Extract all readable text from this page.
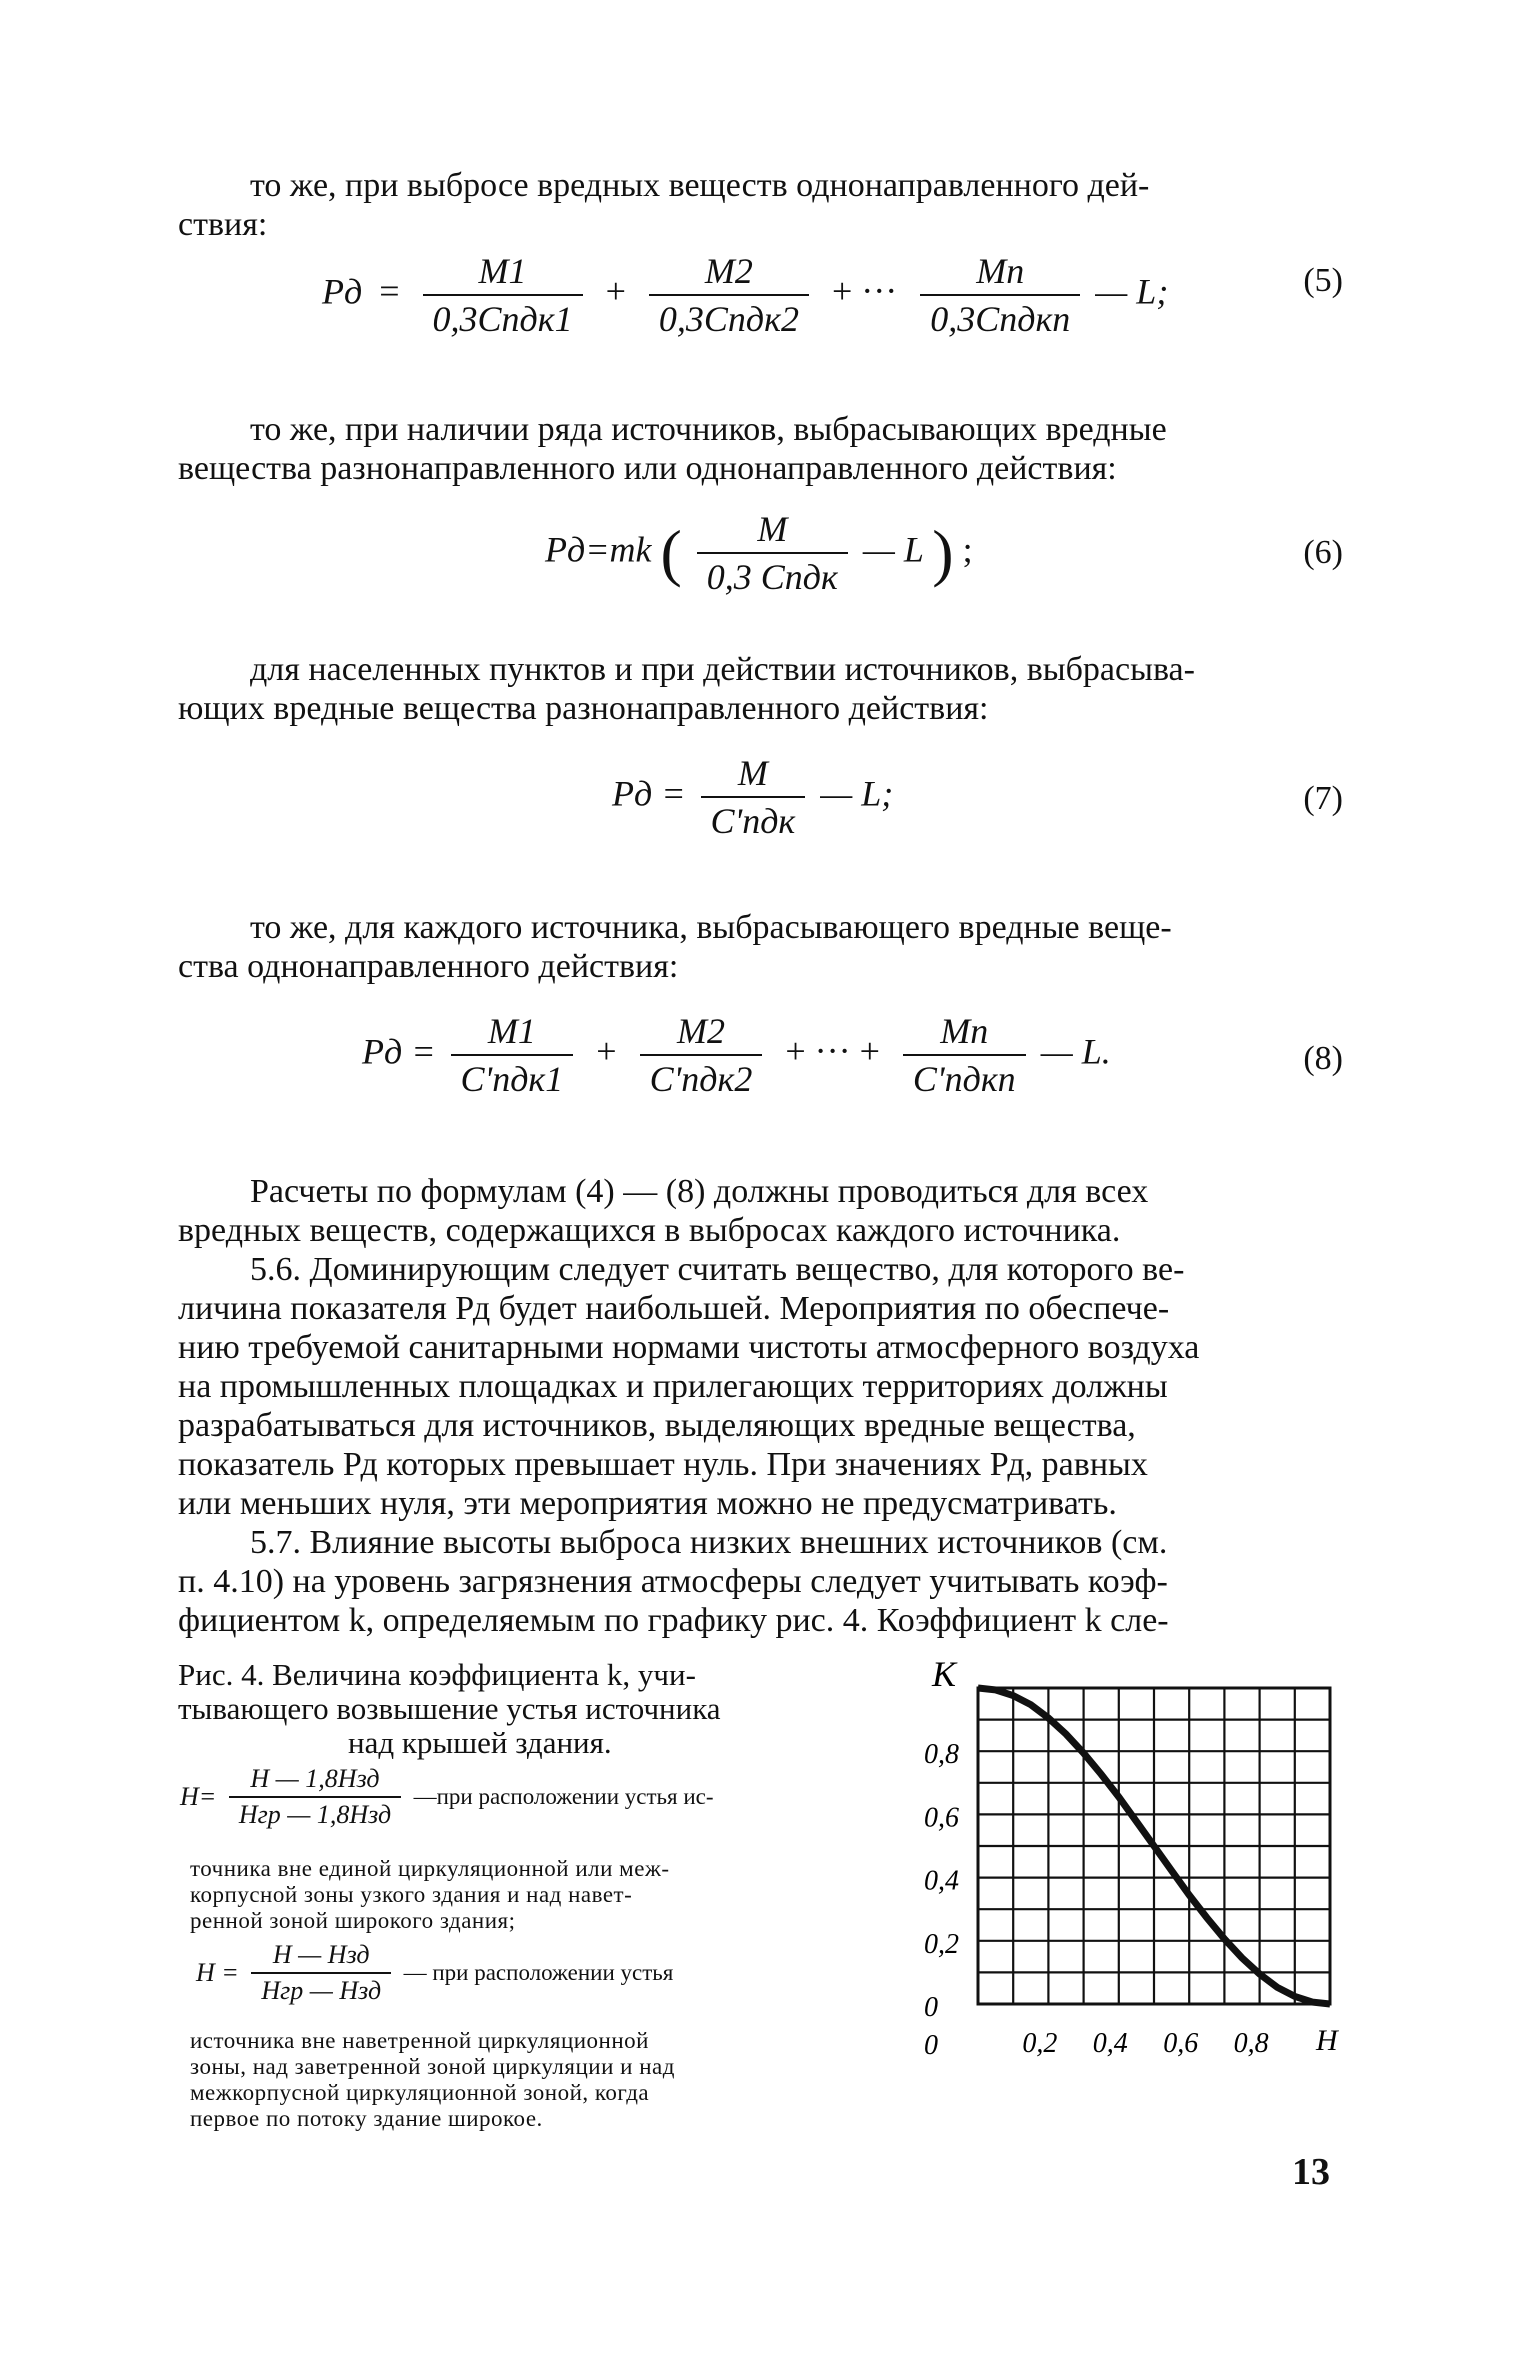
то же, при выбросе вредных веществ однонаправленного дей-
ствия:
Pд = $\frac{M1}{\text{0,3Cпдк1}} + \frac{M2}{\text{0,3Cпдк2}}$ + ··· $\frac{Mn}{\text{0,3Cпдкn}}$ — L;	(5)
то же, при наличии ряда источников, выбрасывающих вредные
вещества разнонаправленного или однонаправленного действия:
Pд=mk ( $\frac{M}{\text{0,3 Cпдк}}$ — L ) ;	(6)
для населенных пунктов и при действии источников, выбрасыва-
ющих вредные вещества разнонаправленного действия:
Pд = $\frac{M}{\text{C'пдк}}$ — L;	(7)
то же, для каждого источника, выбрасывающего вредные веще-
ства однонаправленного действия:
Pд = $\frac{M1}{\text{C'пдк1}} + \frac{M2}{\text{C'пдк2}}$ + ··· + $\frac{Mn}{\text{C'пдкn}}$ — L.	(8)
Расчеты по формулам (4) — (8) должны проводиться для всех
вредных веществ, содержащихся в выбросах каждого источника.
5.6. Доминирующим следует считать вещество, для которого ве-
личина показателя Рд будет наибольшей. Мероприятия по обеспече-
нию требуемой санитарными нормами чистоты атмосферного воздуха
на промышленных площадках и прилегающих территориях должны
разрабатываться для источников, выделяющих вредные вещества,
показатель Рд которых превышает нуль. При значениях Рд, равных
или меньших нуля, эти мероприятия можно не предусматривать.
5.7. Влияние высоты выброса низких внешних источников (см.
п. 4.10) на уровень загрязнения атмосферы следует учитывать коэф-
фициентом k, определяемым по графику рис. 4. Коэффициент k сле-
Рис. 4. Величина коэффициента k, учи-
тывающего возвышение устья источника
над крышей здания.
$H= \frac{\text{H — 1,8Hзд}}{\text{Hгр — 1,8Hзд}}$ —при расположении устья ис-
точника вне единой циркуляционной или меж-
корпусной зоны узкого здания и над навет-
ренной зоной широкого здания;
$H = \frac{\text{H — Hзд}}{\text{Hгр — Hзд}}$ — при расположении устья
источника вне наветренной циркуляционной
зоны, над заветренной зоной циркуляции и над
межкорпусной циркуляционной зоной, когда
первое по потоку здание широкое.
K
H
0
0,2
0,4
0,6
0,8
0,2 0,4 0,6 0,8
0
13
